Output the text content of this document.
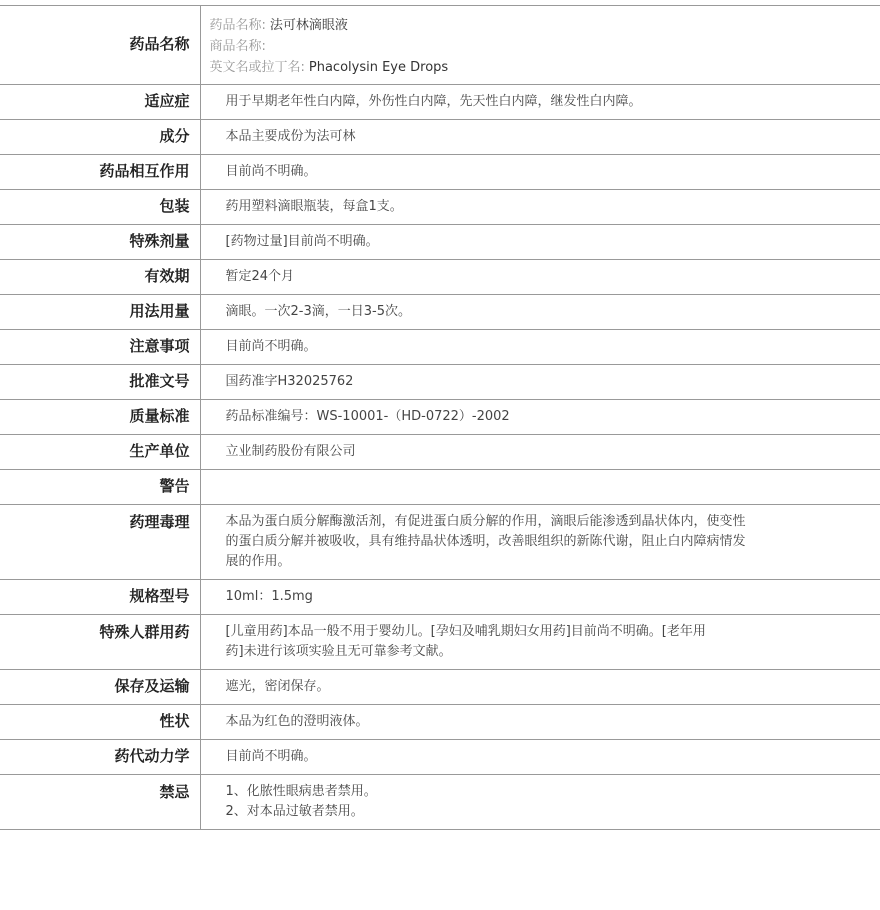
药品名称	药品名称: 法可林滴眼液
商品名称:
英文名或拉丁名: Phacolysin Eye Drops

适应症	用于早期老年性白内障，外伤性白内障，先天性白内障，继发性白内障。

成分	本品主要成份为法可林

药品相互作用	目前尚不明确。

包装	药用塑料滴眼瓶装，每盒1支。

特殊剂量	[药物过量]目前尚不明确。

有效期	暂定24个月

用法用量	滴眼。一次2-3滴，一日3-5次。

注意事项	目前尚不明确。

批准文号	国药准字H32025762

质量标准	药品标准编号：WS-10001-（HD-0722）-2002

生产单位	立业制药股份有限公司

警告	

药理毒理	本品为蛋白质分解酶激活剂，有促进蛋白质分解的作用，滴眼后能渗透到晶状体内，使变性
的蛋白质分解并被吸收，具有维持晶状体透明，改善眼组织的新陈代谢，阻止白内障病情发
展的作用。

规格型号	10ml：1.5mg

特殊人群用药	[儿童用药]本品一般不用于婴幼儿。[孕妇及哺乳期妇女用药]目前尚不明确。[老年用
药]未进行该项实验且无可靠参考文献。

保存及运输	遮光，密闭保存。

性状	本品为红色的澄明液体。

药代动力学	目前尚不明确。

禁忌	1、化脓性眼病患者禁用。
2、对本品过敏者禁用。
